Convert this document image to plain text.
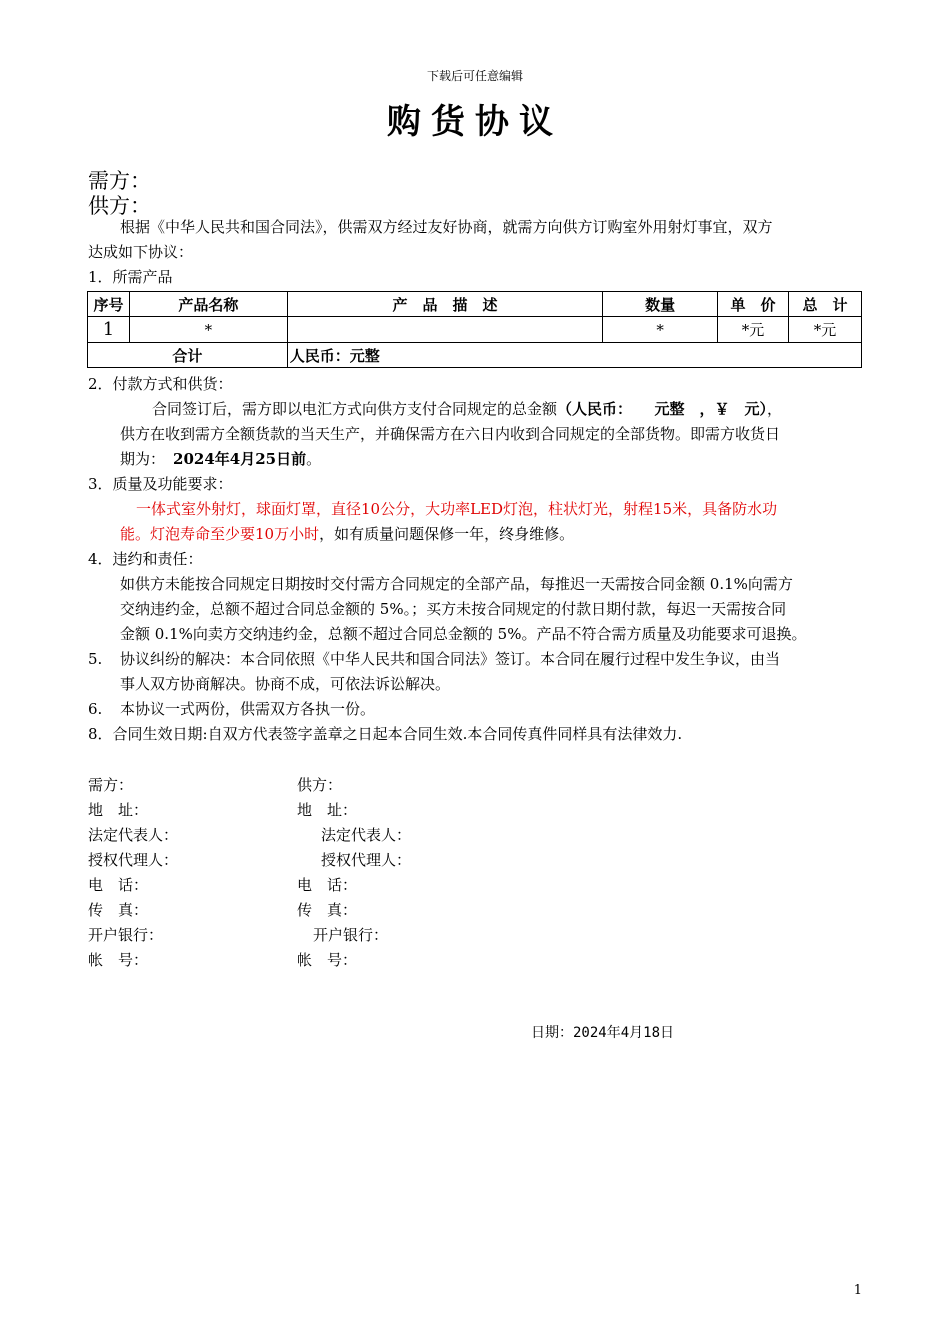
下载后可任意编辑
购货协议
需方：
供方：
根据《中华人民共和国合同法》，供需双方经过友好协商，就需方向供方订购室外用射灯事宜，双方
达成如下协议：
1．所需产品
序号	产品名称	产　品　描　述	数量	单　价	总　计
1	*		*	*元	*元
合计		人民币：元整			
2．付款方式和供货：
合同签订后，需方即以电汇方式向供方支付合同规定的总金额（人民币：　　元整　，￥　元），
供方在收到需方全额货款的当天生产，并确保需方在六日内收到合同规定的全部货物。即需方收货日
期为： 2024年4月25日前。
3．质量及功能要求：
一体式室外射灯，球面灯罩，直径10公分，大功率LED灯泡，柱状灯光，射程15米，具备防水功
能。灯泡寿命至少要10万小时，如有质量问题保修一年，终身维修。
4．违约和责任：
如供方未能按合同规定日期按时交付需方合同规定的全部产品，每推迟一天需按合同金额 0.1%向需方
交纳违约金，总额不超过合同总金额的 5%。；买方未按合同规定的付款日期付款，每迟一天需按合同
金额 0.1%向卖方交纳违约金，总额不超过合同总金额的 5%。产品不符合需方质量及功能要求可退换。
5. 协议纠纷的解决：本合同依照《中华人民共和国合同法》签订。本合同在履行过程中发生争议，由当
事人双方协商解决。协商不成，可依法诉讼解决。
6. 本协议一式两份，供需双方各执一份。
8．合同生效日期:自双方代表签字盖章之日起本合同生效.本合同传真件同样具有法律效力.
需方：
地　址：
法定代表人：
授权代理人：
电　话：
传　真：
开户银行：
帐　号：
供方：
地　址：
法定代表人：
授权代理人：
电　话：
传　真：
开户银行：
帐　号：
日期：2024年4月18日
1
